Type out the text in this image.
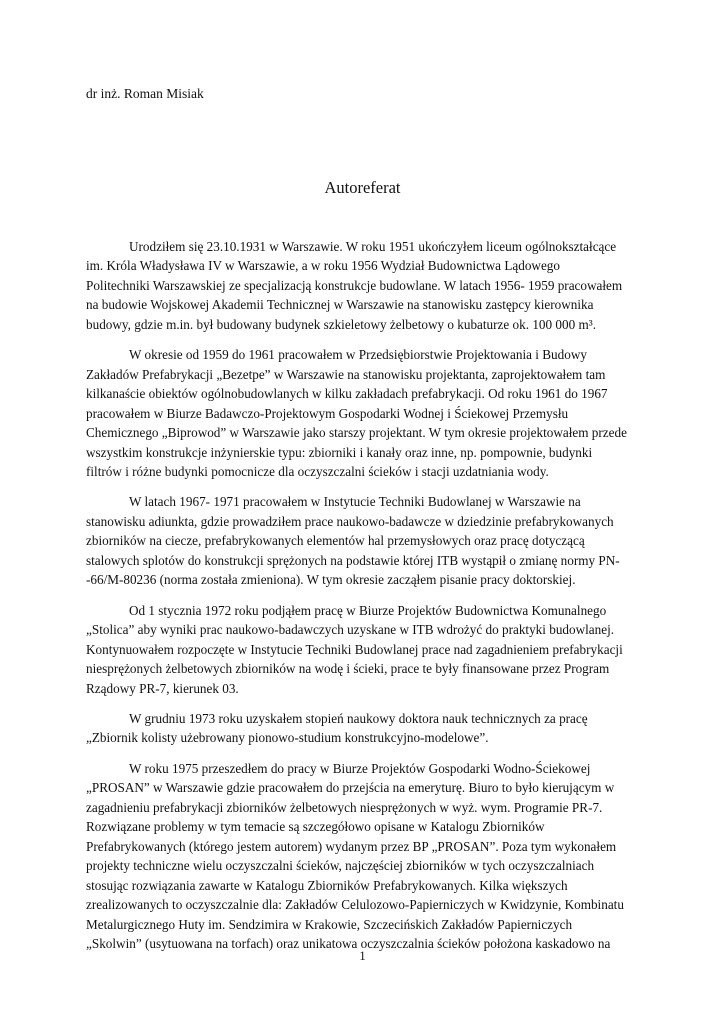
dr inż. Roman Misiak
Autoreferat

Urodziłem się 23.10.1931 w Warszawie. W roku 1951 ukończyłem liceum ogólnokształcące
im. Króla Władysława IV w Warszawie, a w roku 1956 Wydział Budownictwa Lądowego
Politechniki Warszawskiej ze specjalizacją konstrukcje budowlane. W latach 1956- 1959 pracowałem
na budowie Wojskowej Akademii Technicznej w Warszawie na stanowisku zastępcy kierownika
budowy, gdzie m.in. był budowany budynek szkieletowy żelbetowy o kubaturze ok. 100 000 m³.

W okresie od 1959 do 1961 pracowałem w Przedsiębiorstwie Projektowania i Budowy
Zakładów Prefabrykacji „Bezetpe” w Warszawie na stanowisku projektanta, zaprojektowałem tam
kilkanaście obiektów ogólnobudowlanych w kilku zakładach prefabrykacji. Od roku 1961 do 1967
pracowałem w Biurze Badawczo-Projektowym Gospodarki Wodnej i Ściekowej Przemysłu
Chemicznego „Biprowod” w Warszawie jako starszy projektant. W tym okresie projektowałem przede
wszystkim konstrukcje inżynierskie typu: zbiorniki i kanały oraz inne, np. pompownie, budynki
filtrów i różne budynki pomocnicze dla oczyszczalni ścieków i stacji uzdatniania wody.

W latach 1967- 1971 pracowałem w Instytucie Techniki Budowlanej w Warszawie na
stanowisku adiunkta, gdzie prowadziłem prace naukowo-badawcze w dziedzinie prefabrykowanych
zbiorników na ciecze, prefabrykowanych elementów hal przemysłowych oraz pracę dotyczącą
stalowych splotów do konstrukcji sprężonych na podstawie której ITB wystąpił o zmianę normy PN-
-66/M-80236 (norma została zmieniona). W tym okresie zacząłem pisanie pracy doktorskiej.

Od 1 stycznia 1972 roku podjąłem pracę w Biurze Projektów Budownictwa Komunalnego
„Stolica” aby wyniki prac naukowo-badawczych uzyskane w ITB wdrożyć do praktyki budowlanej.
Kontynuowałem rozpoczęte w Instytucie Techniki Budowlanej prace nad zagadnieniem prefabrykacji
niesprężonych żelbetowych zbiorników na wodę i ścieki, prace te były finansowane przez Program
Rządowy PR-7, kierunek 03.

W grudniu 1973 roku uzyskałem stopień naukowy doktora nauk technicznych za pracę
„Zbiornik kolisty użebrowany pionowo-studium konstrukcyjno-modelowe”.

W roku 1975 przeszedłem do pracy w Biurze Projektów Gospodarki Wodno-Ściekowej
„PROSAN” w Warszawie gdzie pracowałem do przejścia na emeryturę. Biuro to było kierującym w
zagadnieniu prefabrykacji zbiorników żelbetowych niesprężonych w wyż. wym. Programie PR-7.
Rozwiązane problemy w tym temacie są szczegółowo opisane w Katalogu Zbiorników
Prefabrykowanych (którego jestem autorem) wydanym przez BP „PROSAN”. Poza tym wykonałem
projekty techniczne wielu oczyszczalni ścieków, najczęściej zbiorników w tych oczyszczalniach
stosując rozwiązania zawarte w Katalogu Zbiorników Prefabrykowanych. Kilka większych
zrealizowanych to oczyszczalnie dla: Zakładów Celulozowo-Papierniczych w Kwidzynie, Kombinatu
Metalurgicznego Huty im. Sendzimira w Krakowie, Szczecińskich Zakładów Papierniczych
„Skolwin” (usytuowana na torfach) oraz unikatowa oczyszczalnia ścieków położona kaskadowo na

1
